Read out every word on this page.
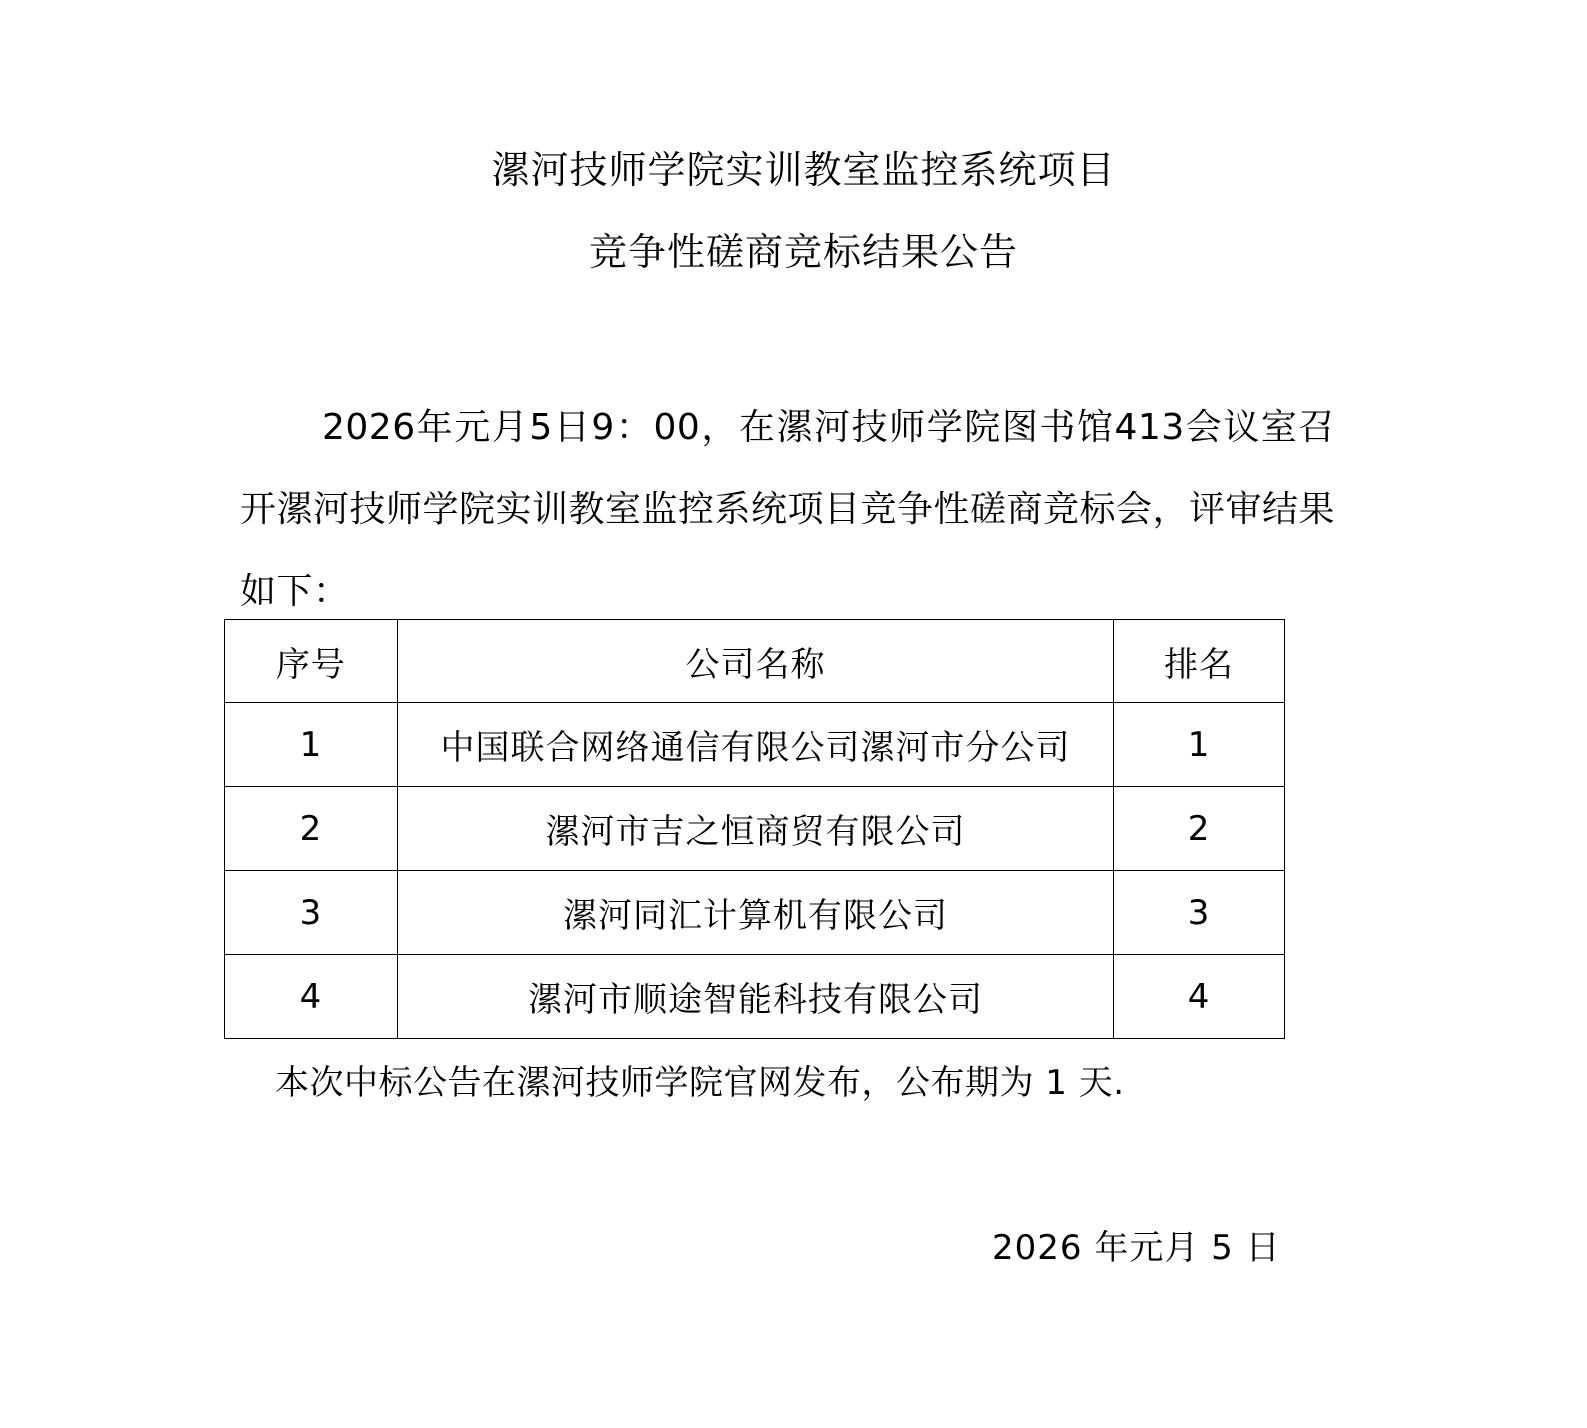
漯河技师学院实训教室监控系统项目
竞争性磋商竞标结果公告

2026年元月5日9：00，在漯河技师学院图书馆413会议室召开漯河技师学院实训教室监控系统项目竞争性磋商竞标会，评审结果如下：

序号	公司名称	排名
1	中国联合网络通信有限公司漯河市分公司	1
2	漯河市吉之恒商贸有限公司	2
3	漯河同汇计算机有限公司	3
4	漯河市顺途智能科技有限公司	4
本次中标公告在漯河技师学院官网发布，公布期为 1 天.
2026 年元月 5 日
